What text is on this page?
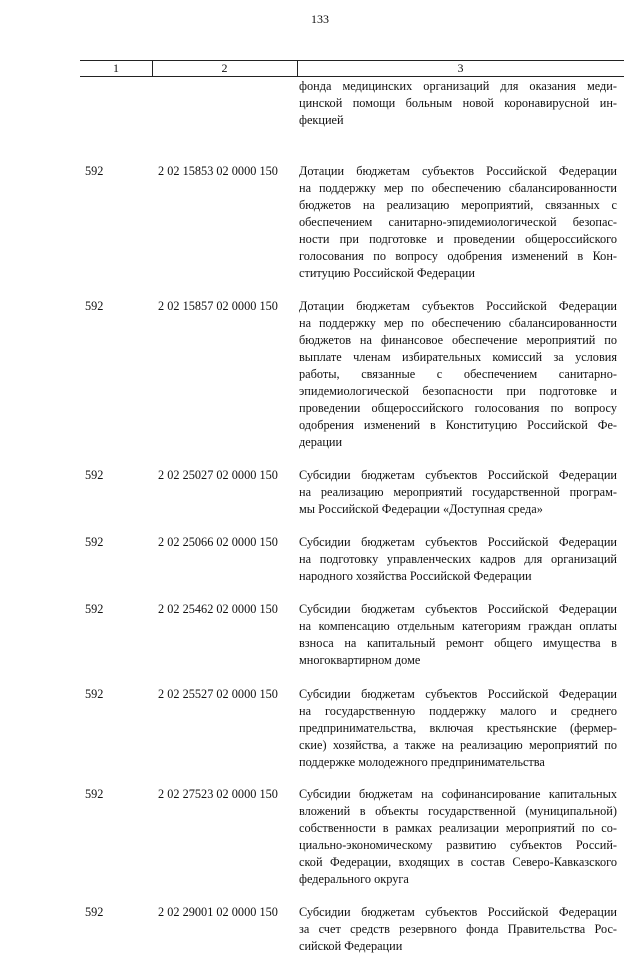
133
1	2	3
фонда медицинских организаций для оказания меди-
цинской помощи больным новой коронавирусной ин-
фекцией
592	2 02 15853 02 0000 150	Дотации бюджетам субъектов Российской Федерации
на поддержку мер по обеспечению сбалансированности
бюджетов на реализацию мероприятий, связанных с
обеспечением санитарно-эпидемиологической безопас-
ности при подготовке и проведении общероссийского
голосования по вопросу одобрения изменений в Кон-
ституцию Российской Федерации
592	2 02 15857 02 0000 150	Дотации бюджетам субъектов Российской Федерации
на поддержку мер по обеспечению сбалансированности
бюджетов на финансовое обеспечение мероприятий по
выплате членам избирательных комиссий за условия
работы, связанные с обеспечением санитарно-
эпидемиологической безопасности при подготовке и
проведении общероссийского голосования по вопросу
одобрения изменений в Конституцию Российской Фе-
дерации
592	2 02 25027 02 0000 150	Субсидии бюджетам субъектов Российской Федерации
на реализацию мероприятий государственной програм-
мы Российской Федерации «Доступная среда»
592	2 02 25066 02 0000 150	Субсидии бюджетам субъектов Российской Федерации
на подготовку управленческих кадров для организаций
народного хозяйства Российской Федерации
592	2 02 25462 02 0000 150	Субсидии бюджетам субъектов Российской Федерации
на компенсацию отдельным категориям граждан оплаты
взноса на капитальный ремонт общего имущества в
многоквартирном доме
592	2 02 25527 02 0000 150	Субсидии бюджетам субъектов Российской Федерации
на государственную поддержку малого и среднего
предпринимательства, включая крестьянские (фермер-
ские) хозяйства, а также на реализацию мероприятий по
поддержке молодежного предпринимательства
592	2 02 27523 02 0000 150	Субсидии бюджетам на софинансирование капитальных
вложений в объекты государственной (муниципальной)
собственности в рамках реализации мероприятий по со-
циально-экономическому развитию субъектов Россий-
ской Федерации, входящих в состав Северо-Кавказского
федерального округа
592	2 02 29001 02 0000 150	Субсидии бюджетам субъектов Российской Федерации
за счет средств резервного фонда Правительства Рос-
сийской Федерации
